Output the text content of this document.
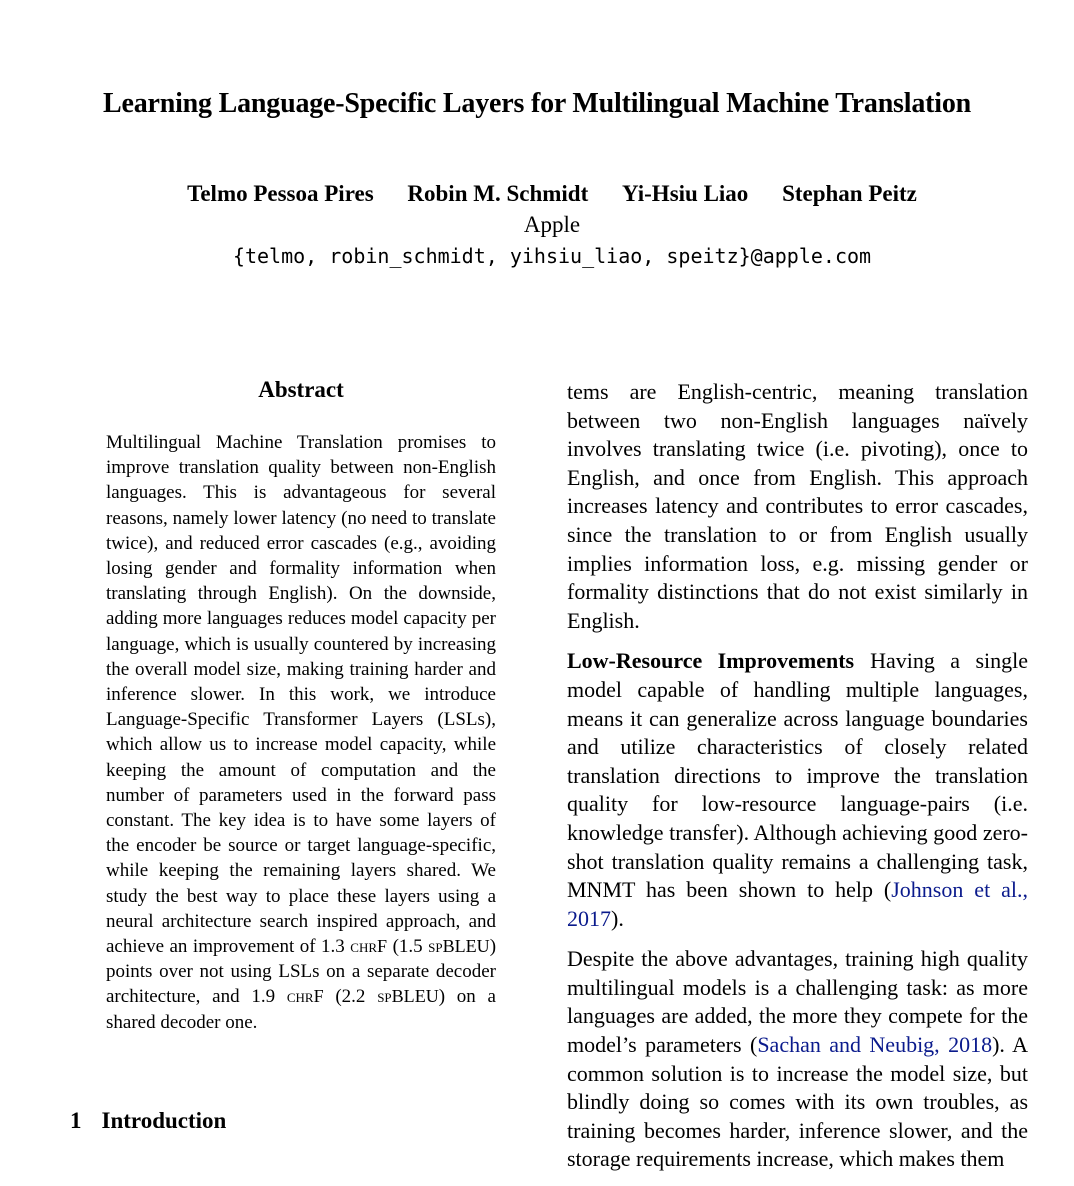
Learning Language-Specific Layers for Multilingual Machine Translation
Telmo Pessoa Pires Robin M. Schmidt Yi-Hsiu Liao Stephan Peitz
Apple
{telmo, robin_schmidt, yihsiu_liao, speitz}@apple.com
Abstract
Multilingual Machine Translation promises to improve translation quality between non-English languages. This is advantageous for several reasons, namely lower latency (no need to translate twice), and reduced error cascades (e.g., avoiding losing gender and formality information when translating through English). On the downside, adding more languages reduces model capacity per language, which is usually countered by increasing the overall model size, making training harder and inference slower. In this work, we introduce Language-Specific Transformer Layers (LSLs), which allow us to increase model capacity, while keeping the amount of computation and the number of parameters used in the forward pass constant. The key idea is to have some layers of the encoder be source or target language-specific, while keeping the remaining layers shared. We study the best way to place these layers using a neural architecture search inspired approach, and achieve an improvement of 1.3 chrF (1.5 spBLEU) points over not using LSLs on a separate decoder architecture, and 1.9 chrF (2.2 spBLEU) on a shared decoder one.
1 Introduction

tems are English-centric, meaning translation between two non-English languages naïvely involves translating twice (i.e. pivoting), once to English, and once from English. This approach increases latency and contributes to error cascades, since the translation to or from English usually implies information loss, e.g. missing gender or formality distinctions that do not exist similarly in English.

Low-Resource Improvements Having a single model capable of handling multiple languages, means it can generalize across language boundaries and utilize characteristics of closely related translation directions to improve the translation quality for low-resource language-pairs (i.e. knowledge transfer). Although achieving good zero-shot translation quality remains a challenging task, MNMT has been shown to help (Johnson et al., 2017).

Despite the above advantages, training high quality multilingual models is a challenging task: as more languages are added, the more they compete for the model’s parameters (Sachan and Neubig, 2018). A common solution is to increase the model size, but blindly doing so comes with its own troubles, as training becomes harder, inference slower, and the storage requirements increase, which makes them
